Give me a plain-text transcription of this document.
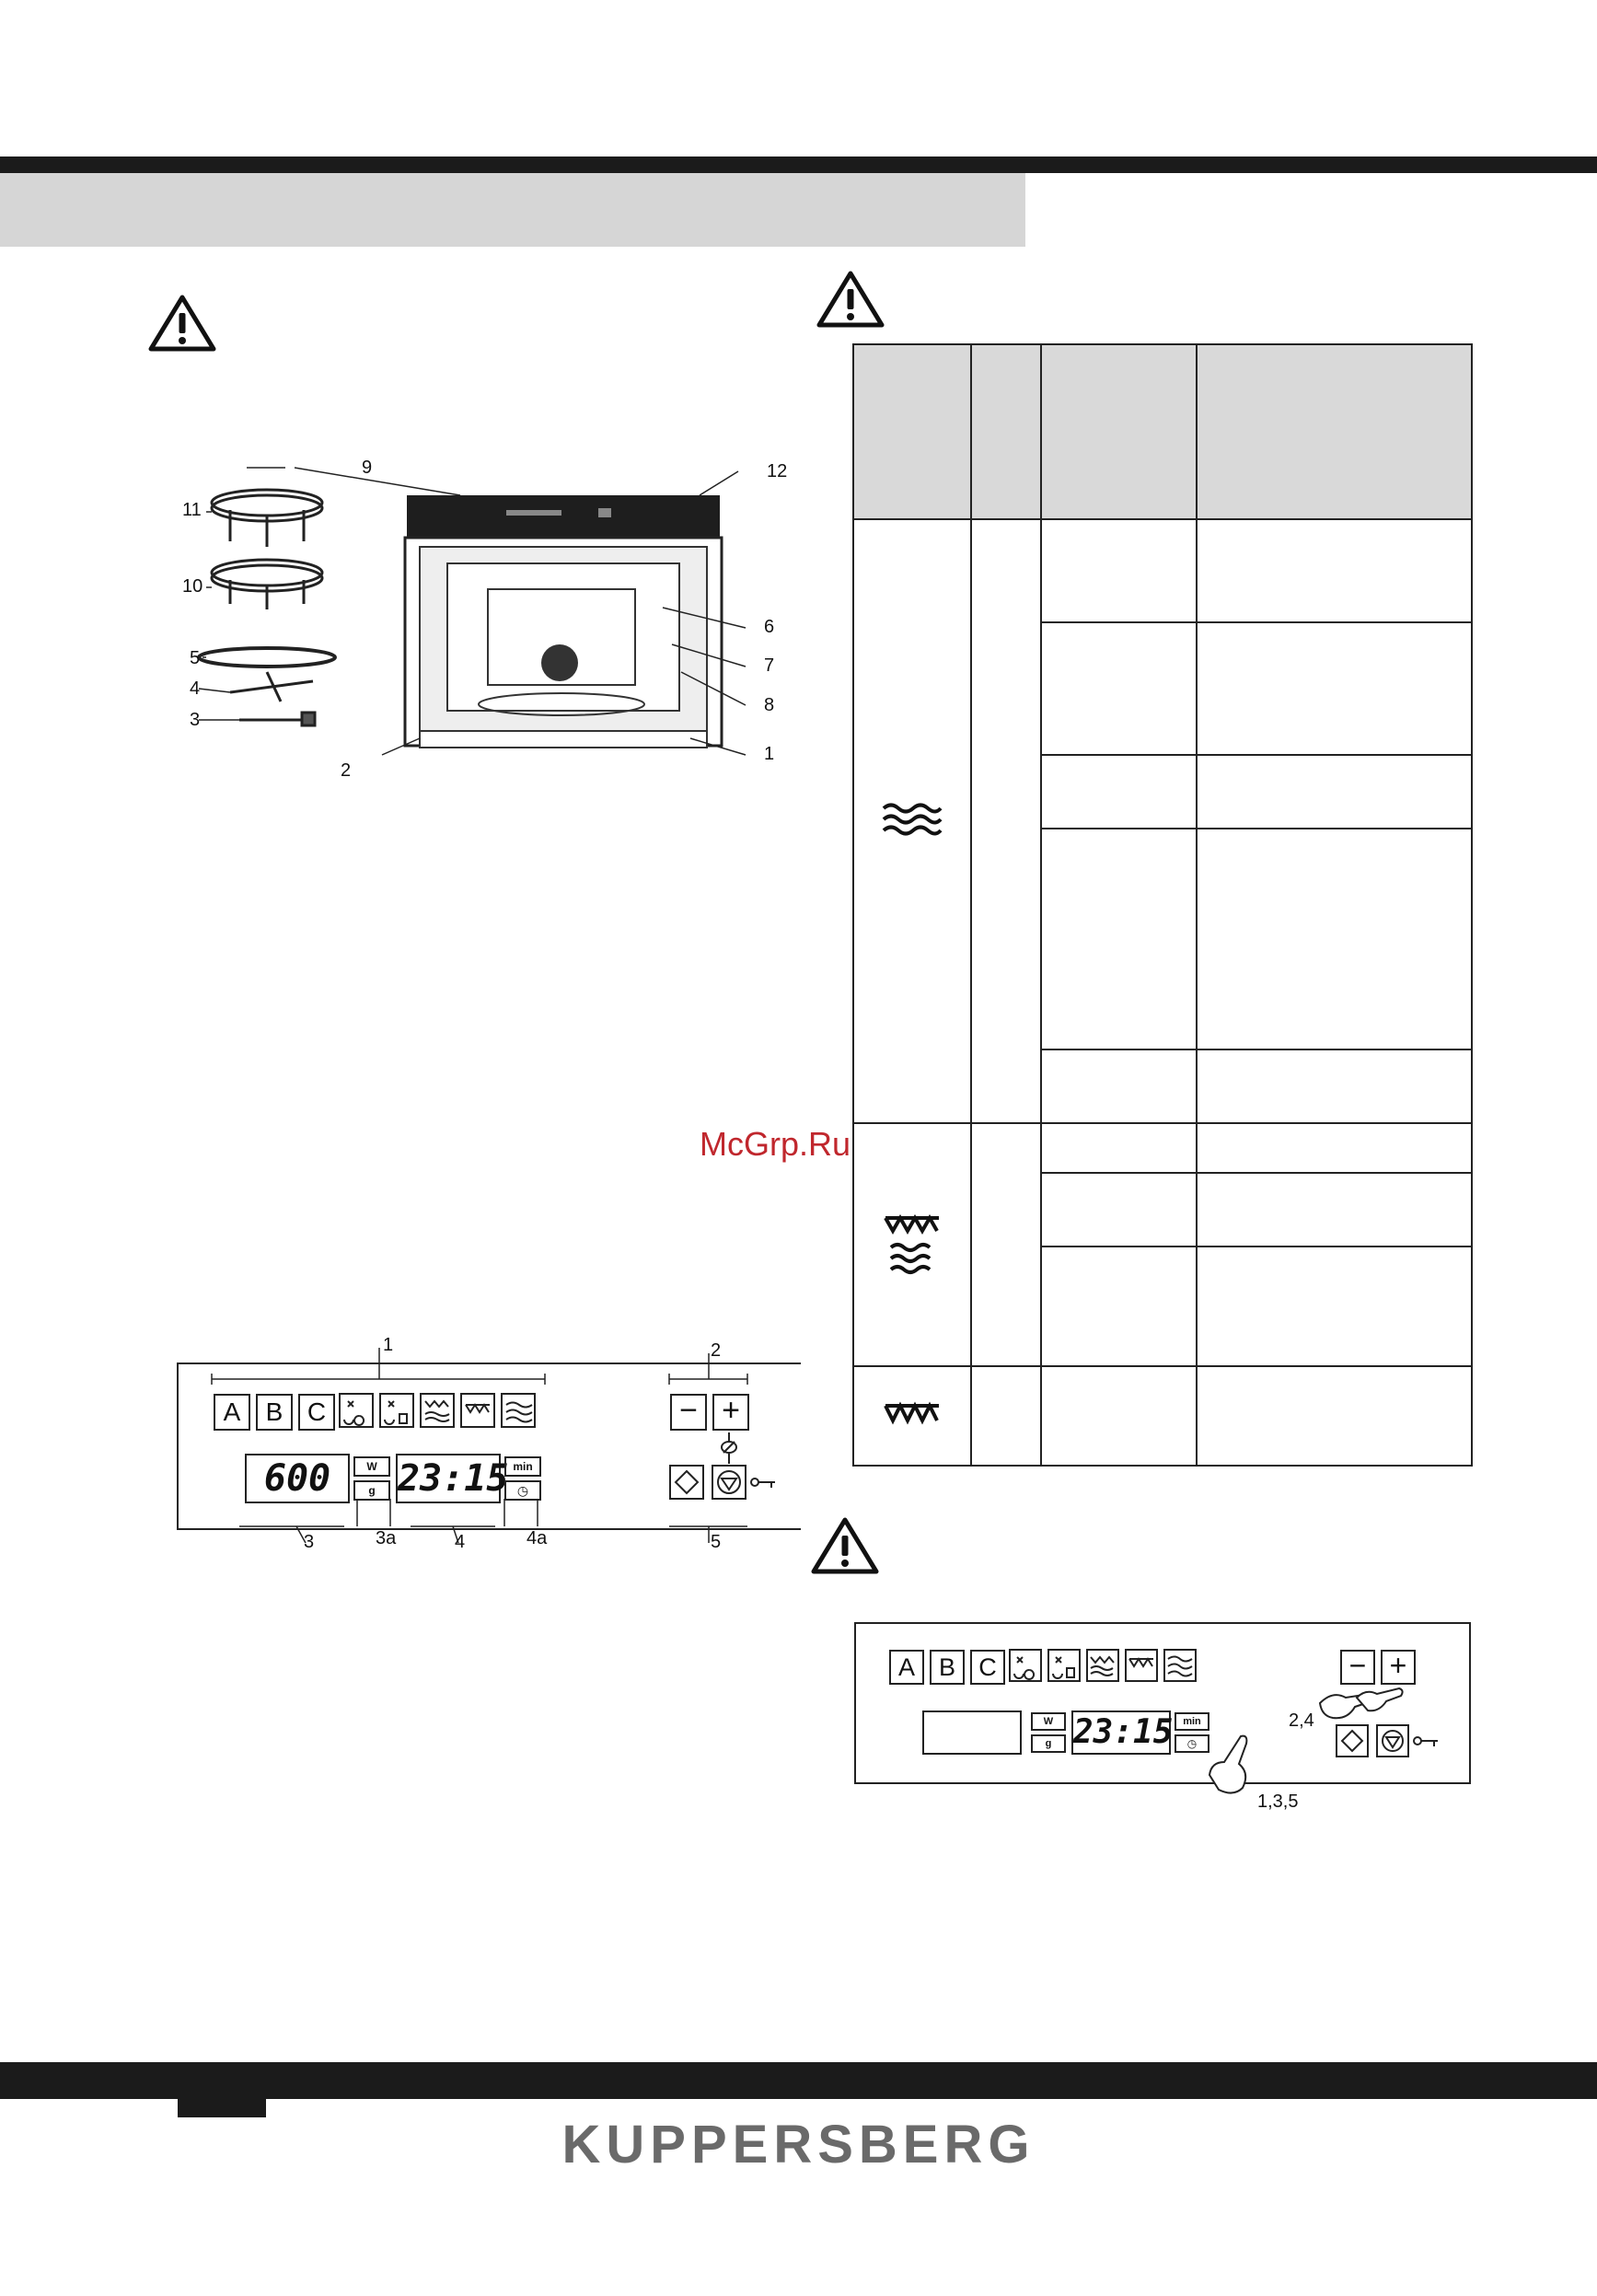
KUPPERSBERG
McGrp.Ru
11
10
5
4
3
2
9	12
6
7
8
1
A B C
600	W
g 23:15 min
◷
− +
1	2
3	3a	4	4a	5

A B C
W
g 23:15 min
◷
− +
2,4
1,3,5
